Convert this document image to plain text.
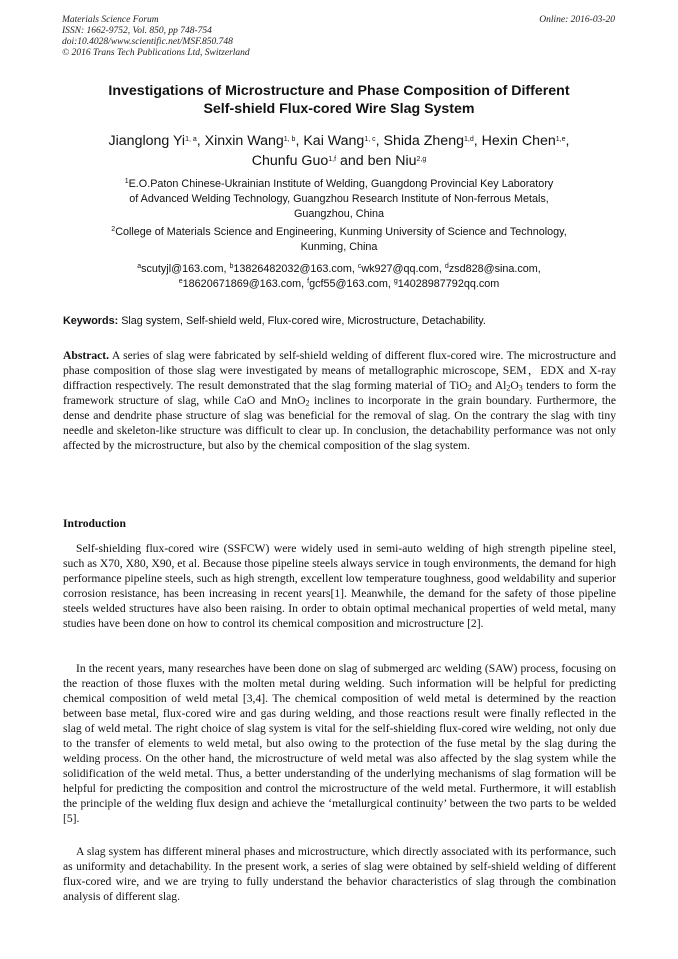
Materials Science Forum
ISSN: 1662-9752, Vol. 850, pp 748-754
doi:10.4028/www.scientific.net/MSF.850.748
© 2016 Trans Tech Publications Ltd, Switzerland
Online: 2016-03-20
Investigations of Microstructure and Phase Composition of Different
Self-shield Flux-cored Wire Slag System
Jianglong Yi$^{1, a}$, Xinxin Wang$^{1, b}$, Kai Wang$^{1, c}$, Shida Zheng$^{1,d}$, Hexin Chen$^{1,e}$,
Chunfu Guo$^{1,f}$ and ben Niu$^{2,g}$
$^1$E.O.Paton Chinese-Ukrainian Institute of Welding, Guangdong Provincial Key Laboratory
of Advanced Welding Technology, Guangzhou Research Institute of Non-ferrous Metals,
Guangzhou, China
$^2$College of Materials Science and Engineering, Kunming University of Science and Technology,
Kunming, China
$^a$scutyjl@163.com, $^b$13826482032@163.com, $^c$wk927@qq.com, $^d$zsd828@sina.com,
$^e$18620671869@163.com, $^f$gcf55@163.com, $^g$14028987792qq.com
Keywords: Slag system, Self-shield weld, Flux-cored wire, Microstructure, Detachability.
Abstract. A series of slag were fabricated by self-shield welding of different flux-cored wire. The microstructure and phase composition of those slag were investigated by means of metallographic microscope, SEM，EDX and X-ray diffraction respectively. The result demonstrated that the slag forming material of TiO$_2$ and $Al_2O_3$ tenders to form the framework structure of slag, while CaO and MnO$_2$ inclines to incorporate in the grain boundary. Furthermore, the dense and dendrite phase structure of slag was beneficial for the removal of slag. On the contrary the slag with tiny needle and skeleton-like structure was difficult to clear up. In conclusion, the detachability performance was not only affected by the microstructure, but also by the chemical composition of the slag system.
Introduction

Self-shielding flux-cored wire (SSFCW) were widely used in semi-auto welding of high strength pipeline steel, such as X70, X80, X90, et al. Because those pipeline steels always service in tough environments, the demand for high performance pipeline steels, such as high strength, excellent low temperature toughness, good weldability and superior corrosion resistance, has been increasing in recent years[1]. Meanwhile, the demand for the safety of those pipeline steels welded structures have also been raising. In order to obtain optimal mechanical properties of weld metal, many studies have been done on how to control its chemical composition and microstructure [2].

In the recent years, many researches have been done on slag of submerged arc welding (SAW) process, focusing on the reaction of those fluxes with the molten metal during welding. Such information will be helpful for predicting chemical composition of weld metal [3,4]. The chemical composition of weld metal is determined by the reaction between base metal, flux-cored wire and gas during welding, and those reactions result were finally reflected in the slag of weld metal. The right choice of slag system is vital for the self-shielding flux-cored wire welding, not only due to the transfer of elements to weld metal, but also owing to the protection of the fuse metal by the slag during the welding process. On the other hand, the microstructure of weld metal was also affected by the slag system while the solidification of the weld metal. Thus, a better understanding of the underlying mechanisms of slag formation will be helpful for predicting the composition and control the microstructure of the weld metal. Furthermore, it will establish the principle of the welding flux design and achieve the ‘metallurgical continuity’ between the two parts to be welded [5].

A slag system has different mineral phases and microstructure, which directly associated with its performance, such as uniformity and detachability. In the present work, a series of slag were obtained by self-shield welding of different flux-cored wire, and we are trying to fully understand the behavior characteristics of slag through the combination analysis of different slag.
